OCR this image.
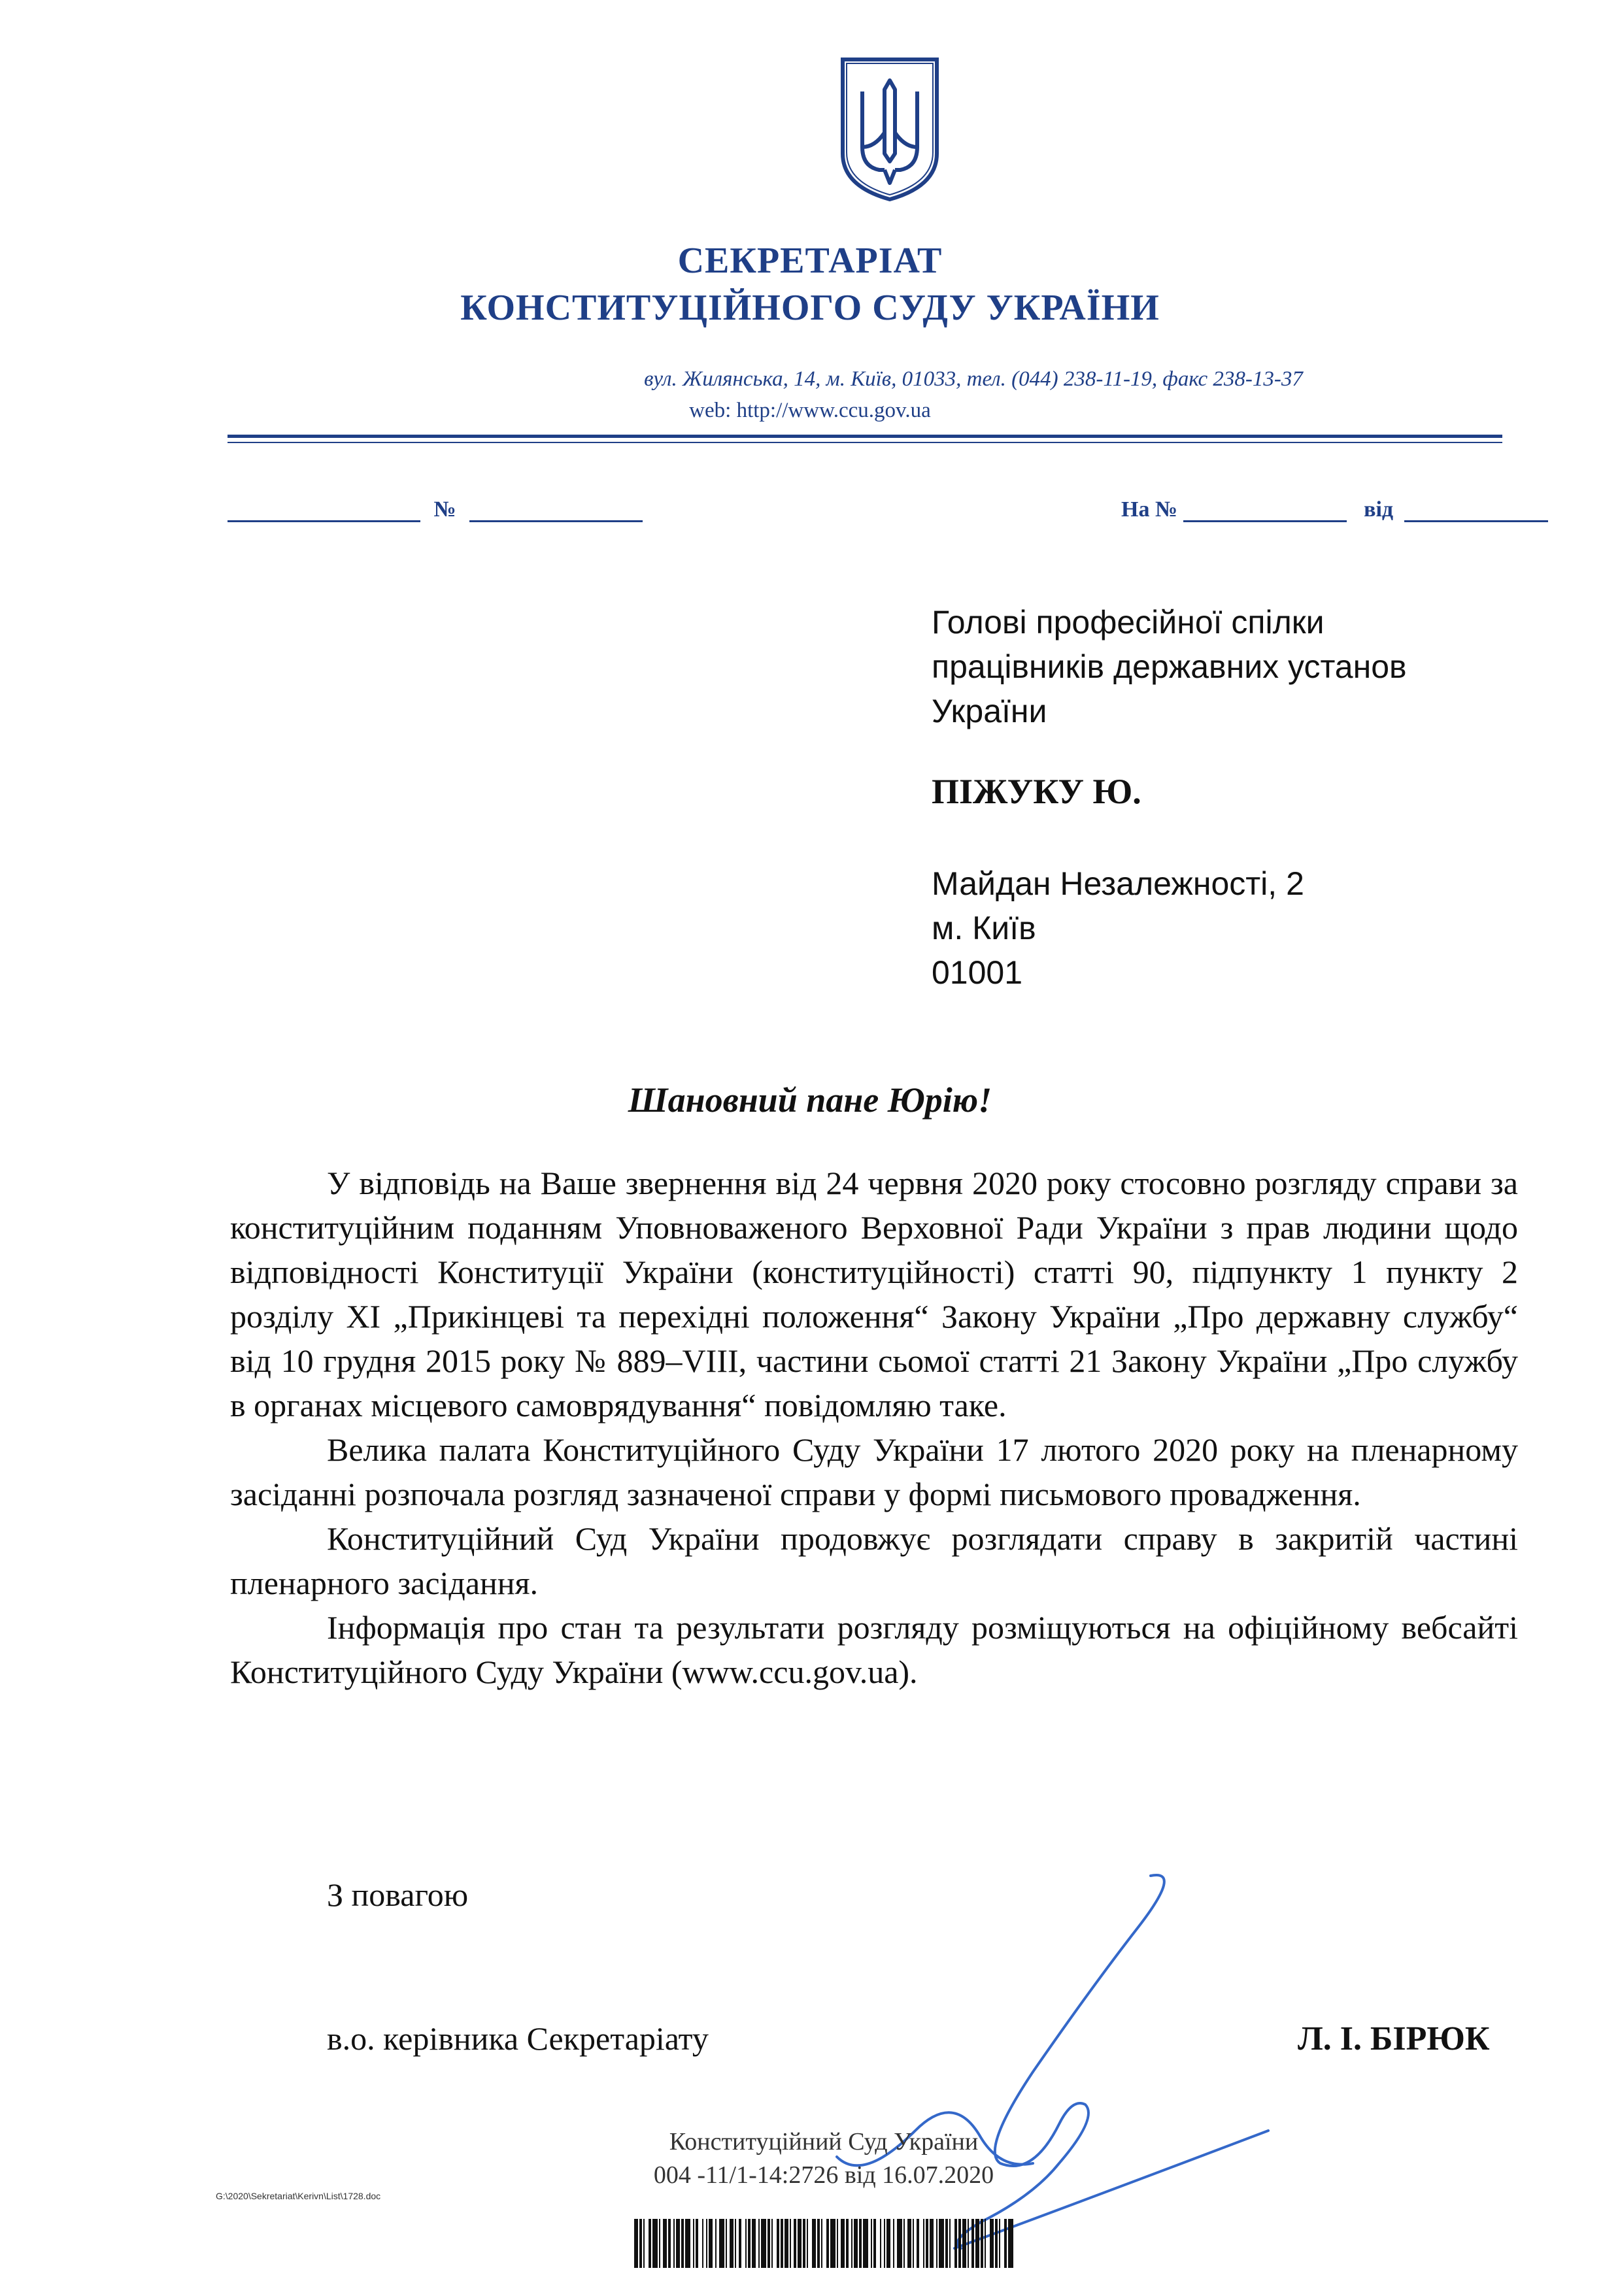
СЕКРЕТАРІАТ
КОНСТИТУЦІЙНОГО СУДУ УКРАЇНИ
вул. Жилянська, 14, м. Київ, 01033, тел. (044) 238-11-19, факс 238-13-37
web: http://www.ccu.gov.ua
№	На №	від
Голові професійної спілки
працівників державних установ
України
ПІЖУКУ Ю.
Майдан Незалежності, 2
м. Київ
01001
Шановний пане Юрію!

У відповідь на Ваше звернення від 24 червня 2020 року стосовно розгляду справи за конституційним поданням Уповноваженого Верховної Ради України з прав людини щодо відповідності Конституції України (конституційності) статті 90, підпункту 1 пункту 2 розділу XI „Прикінцеві та перехідні положення“ Закону України „Про державну службу“ від 10 грудня 2015 року № 889–VIII, частини сьомої статті 21 Закону України „Про службу в органах місцевого самоврядування“ повідомляю таке.

Велика палата Конституційного Суду України 17 лютого 2020 року на пленарному засіданні розпочала розгляд зазначеної справи у формі письмового провадження.

Конституційний Суд України продовжує розглядати справу в закритій частині пленарного засідання.

Інформація про стан та результати розгляду розміщуються на офіційному вебсайті Конституційного Суду України (www.ccu.gov.ua).

З повагою
в.о. керівника Секретаріату	Л. І. БІРЮК
Конституційний Суд України
004 -11/1-14:2726 від 16.07.2020
G:\2020\Sekretariat\Kerivn\List\1728.doc
